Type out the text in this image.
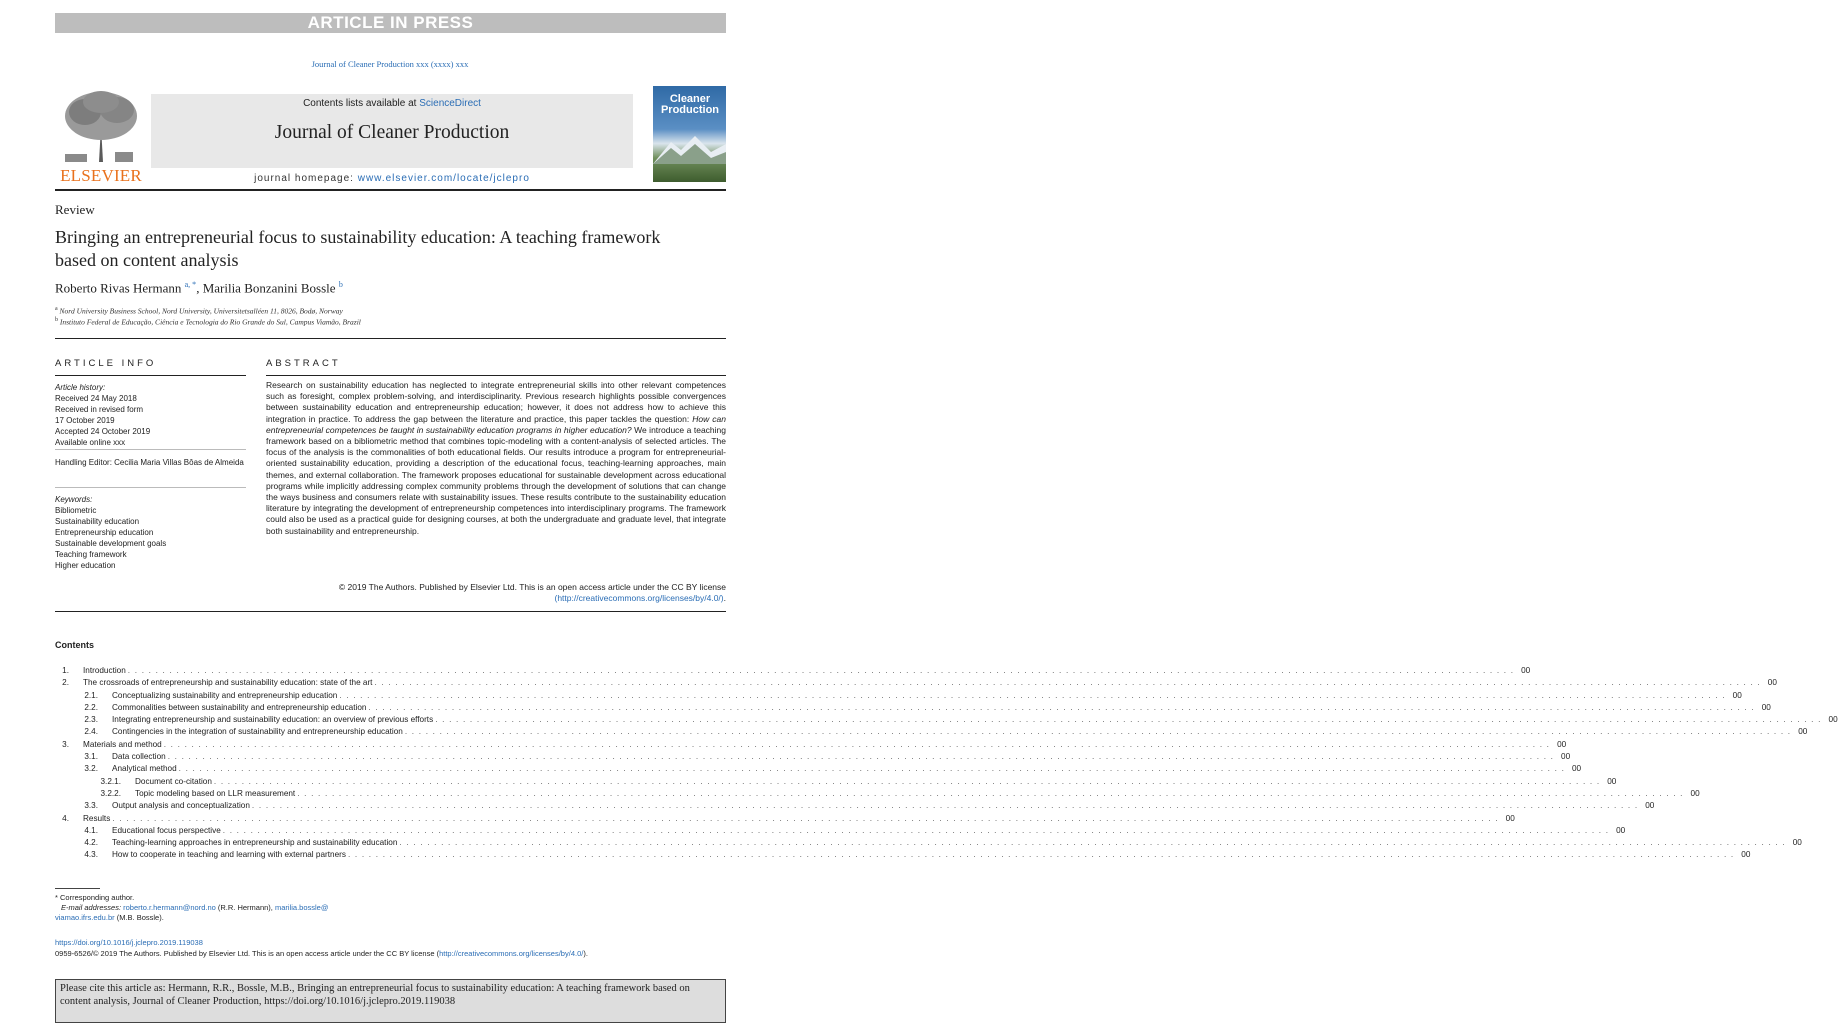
ARTICLE IN PRESS
Journal of Cleaner Production xxx (xxxx) xxx
ELSEVIER
Contents lists available at ScienceDirect
Journal of Cleaner Production
journal homepage: www.elsevier.com/locate/jclepro
Cleaner
Production
Review
Bringing an entrepreneurial focus to sustainability education: A teaching framework based on content analysis
Roberto Rivas Hermann $^{a, *}$, Marilia Bonzanini Bossle $^b$
$^a$ Nord University Business School, Nord University, Universitetsalléen 11, 8026, Bodø, Norway
$^b$ Instituto Federal de Educação, Ciência e Tecnologia do Rio Grande do Sul, Campus Viamão, Brazil
ARTICLE INFO	ABSTRACT
Article history:
Received 24 May 2018
Received in revised form
17 October 2019
Accepted 24 October 2019
Available online xxx
Handling Editor: Cecilia Maria Villas Bôas de Almeida
Keywords:
Bibliometric
Sustainability education
Entrepreneurship education
Sustainable development goals
Teaching framework
Higher education
Research on sustainability education has neglected to integrate entrepreneurial skills into other relevant competences such as foresight, complex problem-solving, and interdisciplinarity. Previous research highlights possible convergences between sustainability education and entrepreneurship education; however, it does not address how to achieve this integration in practice. To address the gap between the literature and practice, this paper tackles the question: How can entrepreneurial competences be taught in sustainability education programs in higher education? We introduce a teaching framework based on a bibliometric method that combines topic-modeling with a content-analysis of selected articles. The focus of the analysis is the commonalities of both educational fields. Our results introduce a program for entrepreneurial-oriented sustainability education, providing a description of the educational focus, teaching-learning approaches, main themes, and external collaboration. The framework proposes educational for sustainable development across educational programs while implicitly addressing complex community problems through the development of solutions that can change the ways business and consumers relate with sustainability issues. These results contribute to the sustainability education literature by integrating the development of entrepreneurship competences into interdisciplinary programs. The framework could also be used as a practical guide for designing courses, at both the undergraduate and graduate level, that integrate both sustainability and entrepreneurship.
© 2019 The Authors. Published by Elsevier Ltd. This is an open access article under the CC BY license
(http://creativecommons.org/licenses/by/4.0/).
Contents
1.	Introduction . . . . . . . . . . . . . . . . . . . . . . . . . . . . . . . . . . . . . . . . . . . . . . . . . . . . . . . . . . . . . . . . . . . . . . . . . . . . . . . . . . . . . . . . . . . . . . . . . . . . . . . . . . . . . . . . . . . . . . . . . . . . . . . . . . . . . . . . . . . . . . . . . . . . . . . . . . . . . . . . . . . . . . . . . . . . . . . . . . . . . . . . . . . . . . . . . . . . . . . . 00
2.	The crossroads of entrepreneurship and sustainability education: state of the art . . . . . . . . . . . . . . . . . . . . . . . . . . . . . . . . . . . . . . . . . . . . . . . . . . . . . . . . . . . . . . . . . . . . . . . . . . . . . . . . . . . . . . . . . . . . . . . . . . . . . . . . . . . . . . . . . . . . . . . . . . . . . . . . . . . . . . . . . . . . . . . . . . . . . . . . . . . . . . . . . . . . . . . . . . . . . . . . . . . . . . . . . . . . . . . . . . . . . . . . 00
2.1.	Conceptualizing sustainability and entrepreneurship education . . . . . . . . . . . . . . . . . . . . . . . . . . . . . . . . . . . . . . . . . . . . . . . . . . . . . . . . . . . . . . . . . . . . . . . . . . . . . . . . . . . . . . . . . . . . . . . . . . . . . . . . . . . . . . . . . . . . . . . . . . . . . . . . . . . . . . . . . . . . . . . . . . . . . . . . . . . . . . . . . . . . . . . . . . . . . . . . . . . . . . . . . . . . . . . . . . . . . . . . 00
2.2.	Commonalities between sustainability and entrepreneurship education . . . . . . . . . . . . . . . . . . . . . . . . . . . . . . . . . . . . . . . . . . . . . . . . . . . . . . . . . . . . . . . . . . . . . . . . . . . . . . . . . . . . . . . . . . . . . . . . . . . . . . . . . . . . . . . . . . . . . . . . . . . . . . . . . . . . . . . . . . . . . . . . . . . . . . . . . . . . . . . . . . . . . . . . . . . . . . . . . . . . . . . . . . . . . . . . . . . . . . . . 00
2.3.	Integrating entrepreneurship and sustainability education: an overview of previous efforts . . . . . . . . . . . . . . . . . . . . . . . . . . . . . . . . . . . . . . . . . . . . . . . . . . . . . . . . . . . . . . . . . . . . . . . . . . . . . . . . . . . . . . . . . . . . . . . . . . . . . . . . . . . . . . . . . . . . . . . . . . . . . . . . . . . . . . . . . . . . . . . . . . . . . . . . . . . . . . . . . . . . . . . . . . . . . . . . . . . . . . . . . . . . . . . . . . . . . . . . 00
2.4.	Contingencies in the integration of sustainability and entrepreneurship education . . . . . . . . . . . . . . . . . . . . . . . . . . . . . . . . . . . . . . . . . . . . . . . . . . . . . . . . . . . . . . . . . . . . . . . . . . . . . . . . . . . . . . . . . . . . . . . . . . . . . . . . . . . . . . . . . . . . . . . . . . . . . . . . . . . . . . . . . . . . . . . . . . . . . . . . . . . . . . . . . . . . . . . . . . . . . . . . . . . . . . . . . . . . . . . . . . . . . . . . 00
3.	Materials and method . . . . . . . . . . . . . . . . . . . . . . . . . . . . . . . . . . . . . . . . . . . . . . . . . . . . . . . . . . . . . . . . . . . . . . . . . . . . . . . . . . . . . . . . . . . . . . . . . . . . . . . . . . . . . . . . . . . . . . . . . . . . . . . . . . . . . . . . . . . . . . . . . . . . . . . . . . . . . . . . . . . . . . . . . . . . . . . . . . . . . . . . . . . . . . . . . . . . . . . . 00
3.1.	Data collection . . . . . . . . . . . . . . . . . . . . . . . . . . . . . . . . . . . . . . . . . . . . . . . . . . . . . . . . . . . . . . . . . . . . . . . . . . . . . . . . . . . . . . . . . . . . . . . . . . . . . . . . . . . . . . . . . . . . . . . . . . . . . . . . . . . . . . . . . . . . . . . . . . . . . . . . . . . . . . . . . . . . . . . . . . . . . . . . . . . . . . . . . . . . . . . . . . . . . . . . 00
3.2.	Analytical method . . . . . . . . . . . . . . . . . . . . . . . . . . . . . . . . . . . . . . . . . . . . . . . . . . . . . . . . . . . . . . . . . . . . . . . . . . . . . . . . . . . . . . . . . . . . . . . . . . . . . . . . . . . . . . . . . . . . . . . . . . . . . . . . . . . . . . . . . . . . . . . . . . . . . . . . . . . . . . . . . . . . . . . . . . . . . . . . . . . . . . . . . . . . . . . . . . . . . . . . 00
3.2.1.	Document co-citation . . . . . . . . . . . . . . . . . . . . . . . . . . . . . . . . . . . . . . . . . . . . . . . . . . . . . . . . . . . . . . . . . . . . . . . . . . . . . . . . . . . . . . . . . . . . . . . . . . . . . . . . . . . . . . . . . . . . . . . . . . . . . . . . . . . . . . . . . . . . . . . . . . . . . . . . . . . . . . . . . . . . . . . . . . . . . . . . . . . . . . . . . . . . . . . . . . . . . . . . 00
3.2.2.	Topic modeling based on LLR measurement . . . . . . . . . . . . . . . . . . . . . . . . . . . . . . . . . . . . . . . . . . . . . . . . . . . . . . . . . . . . . . . . . . . . . . . . . . . . . . . . . . . . . . . . . . . . . . . . . . . . . . . . . . . . . . . . . . . . . . . . . . . . . . . . . . . . . . . . . . . . . . . . . . . . . . . . . . . . . . . . . . . . . . . . . . . . . . . . . . . . . . . . . . . . . . . . . . . . . . . . 00
3.3.	Output analysis and conceptualization . . . . . . . . . . . . . . . . . . . . . . . . . . . . . . . . . . . . . . . . . . . . . . . . . . . . . . . . . . . . . . . . . . . . . . . . . . . . . . . . . . . . . . . . . . . . . . . . . . . . . . . . . . . . . . . . . . . . . . . . . . . . . . . . . . . . . . . . . . . . . . . . . . . . . . . . . . . . . . . . . . . . . . . . . . . . . . . . . . . . . . . . . . . . . . . . . . . . . . . . 00
4.	Results . . . . . . . . . . . . . . . . . . . . . . . . . . . . . . . . . . . . . . . . . . . . . . . . . . . . . . . . . . . . . . . . . . . . . . . . . . . . . . . . . . . . . . . . . . . . . . . . . . . . . . . . . . . . . . . . . . . . . . . . . . . . . . . . . . . . . . . . . . . . . . . . . . . . . . . . . . . . . . . . . . . . . . . . . . . . . . . . . . . . . . . . . . . . . . . . . . . . . . . . 00
4.1.	Educational focus perspective . . . . . . . . . . . . . . . . . . . . . . . . . . . . . . . . . . . . . . . . . . . . . . . . . . . . . . . . . . . . . . . . . . . . . . . . . . . . . . . . . . . . . . . . . . . . . . . . . . . . . . . . . . . . . . . . . . . . . . . . . . . . . . . . . . . . . . . . . . . . . . . . . . . . . . . . . . . . . . . . . . . . . . . . . . . . . . . . . . . . . . . . . . . . . . . . . . . . . . . . 00
4.2.	Teaching-learning approaches in entrepreneurship and sustainability education . . . . . . . . . . . . . . . . . . . . . . . . . . . . . . . . . . . . . . . . . . . . . . . . . . . . . . . . . . . . . . . . . . . . . . . . . . . . . . . . . . . . . . . . . . . . . . . . . . . . . . . . . . . . . . . . . . . . . . . . . . . . . . . . . . . . . . . . . . . . . . . . . . . . . . . . . . . . . . . . . . . . . . . . . . . . . . . . . . . . . . . . . . . . . . . . . . . . . . . . 00
4.3.	How to cooperate in teaching and learning with external partners . . . . . . . . . . . . . . . . . . . . . . . . . . . . . . . . . . . . . . . . . . . . . . . . . . . . . . . . . . . . . . . . . . . . . . . . . . . . . . . . . . . . . . . . . . . . . . . . . . . . . . . . . . . . . . . . . . . . . . . . . . . . . . . . . . . . . . . . . . . . . . . . . . . . . . . . . . . . . . . . . . . . . . . . . . . . . . . . . . . . . . . . . . . . . . . . . . . . . . . . 00
* Corresponding author.
E-mail addresses: roberto.r.hermann@nord.no (R.R. Hermann), marilia.bossle@
viamao.ifrs.edu.br (M.B. Bossle).
https://doi.org/10.1016/j.jclepro.2019.119038
0959-6526/© 2019 The Authors. Published by Elsevier Ltd. This is an open access article under the CC BY license (http://creativecommons.org/licenses/by/4.0/).
Please cite this article as: Hermann, R.R., Bossle, M.B., Bringing an entrepreneurial focus to sustainability education: A teaching framework based on content analysis, Journal of Cleaner Production, https://doi.org/10.1016/j.jclepro.2019.119038
